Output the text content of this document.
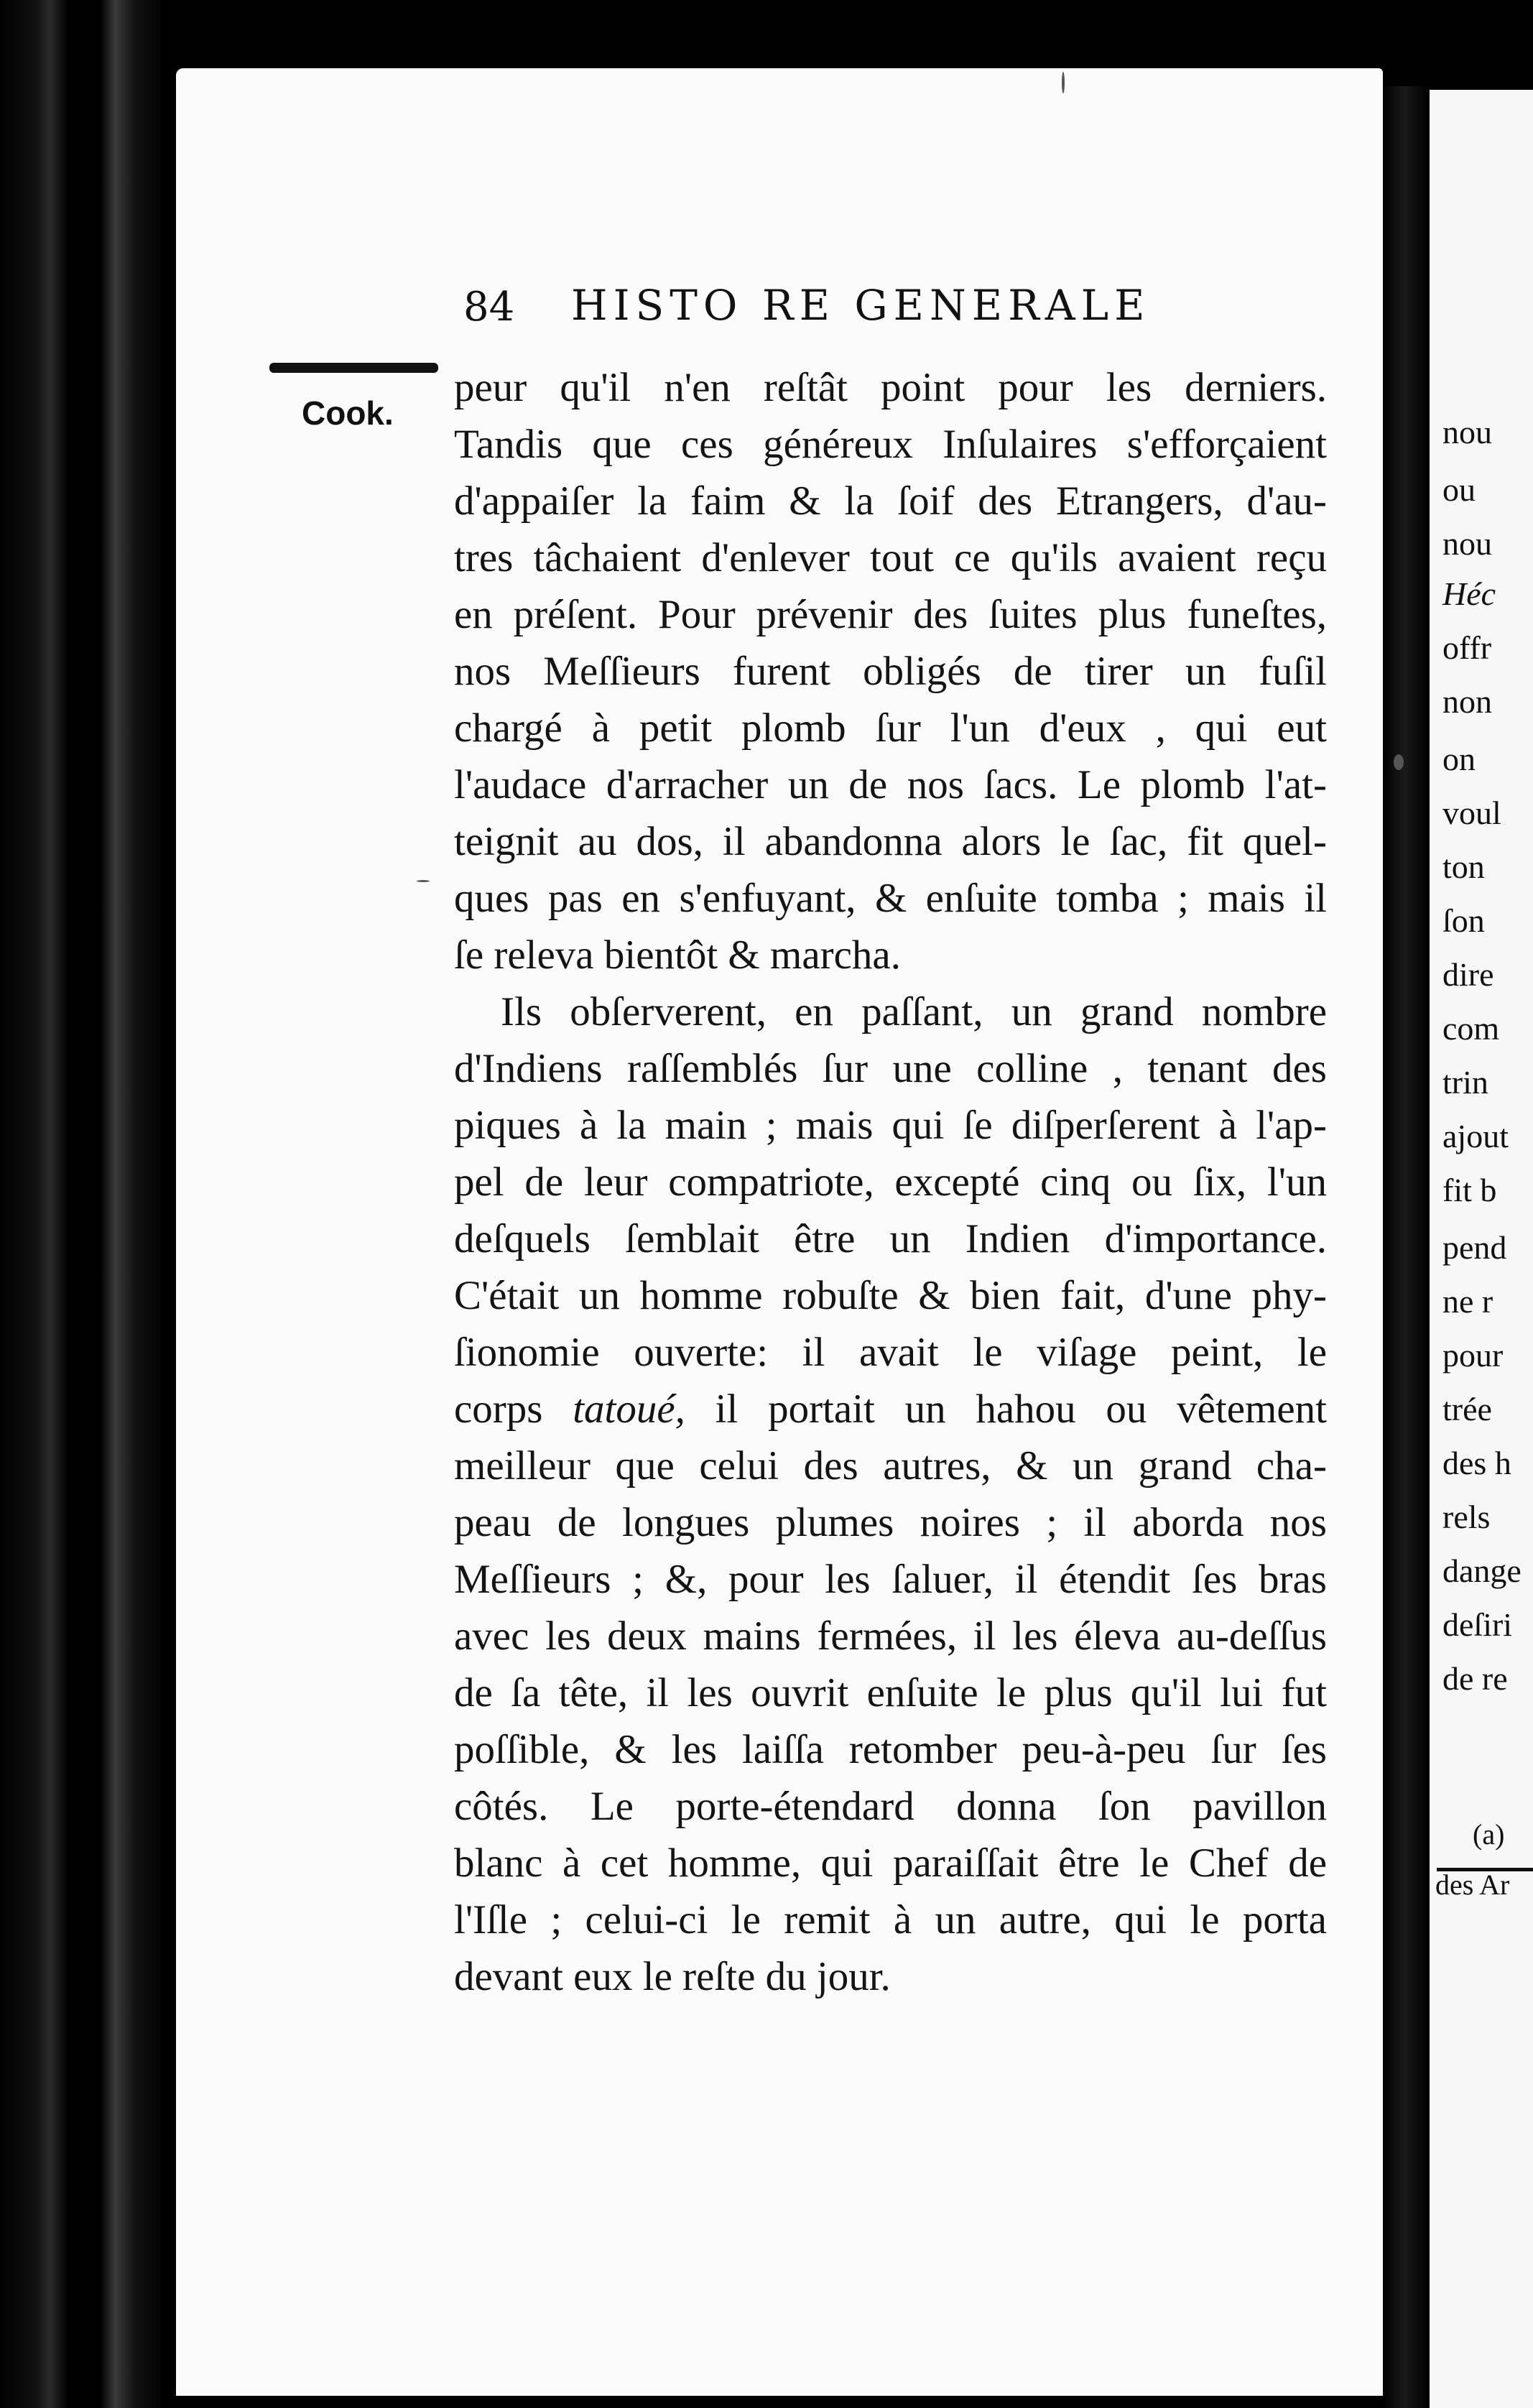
84 HISTO RE GENERALE
Cook.
peur qu'il n'en reſtât point pour les derniers.
Tandis que ces généreux Inſulaires s'efforçaient
d'appaiſer la faim & la ſoif des Etrangers, d'au-
tres tâchaient d'enlever tout ce qu'ils avaient reçu
en préſent. Pour prévenir des ſuites plus funeſtes,
nos Meſſieurs furent obligés de tirer un fuſil
chargé à petit plomb ſur l'un d'eux , qui eut
l'audace d'arracher un de nos ſacs. Le plomb l'at-
teignit au dos, il abandonna alors le ſac, fit quel-
ques pas en s'enfuyant, & enſuite tomba ; mais il
ſe releva bientôt & marcha.
Ils obſerverent, en paſſant, un grand nombre
d'Indiens raſſemblés ſur une colline , tenant des
piques à la main ; mais qui ſe diſperſerent à l'ap-
pel de leur compatriote, excepté cinq ou ſix, l'un
deſquels ſemblait être un Indien d'importance.
C'était un homme robuſte & bien fait, d'une phy-
ſionomie ouverte: il avait le viſage peint, le
corps tatoué, il portait un hahou ou vêtement
meilleur que celui des autres, & un grand cha-
peau de longues plumes noires ; il aborda nos
Meſſieurs ; &, pour les ſaluer, il étendit ſes bras
avec les deux mains fermées, il les éleva au-deſſus
de ſa tête, il les ouvrit enſuite le plus qu'il lui fut
poſſible, & les laiſſa retomber peu-à-peu ſur ſes
côtés. Le porte-étendard donna ſon pavillon
blanc à cet homme, qui paraiſſait être le Chef de
l'Iſle ; celui-ci le remit à un autre, qui le porta
devant eux le reſte du jour.
nou
ou
nou
Héc
offr
non
on
voul
ton
ſon
dire
com
trin
ajout
fit b
pend
ne r
pour
trée
des h
rels
dange
deſiri
de re
(a)
des Ar
